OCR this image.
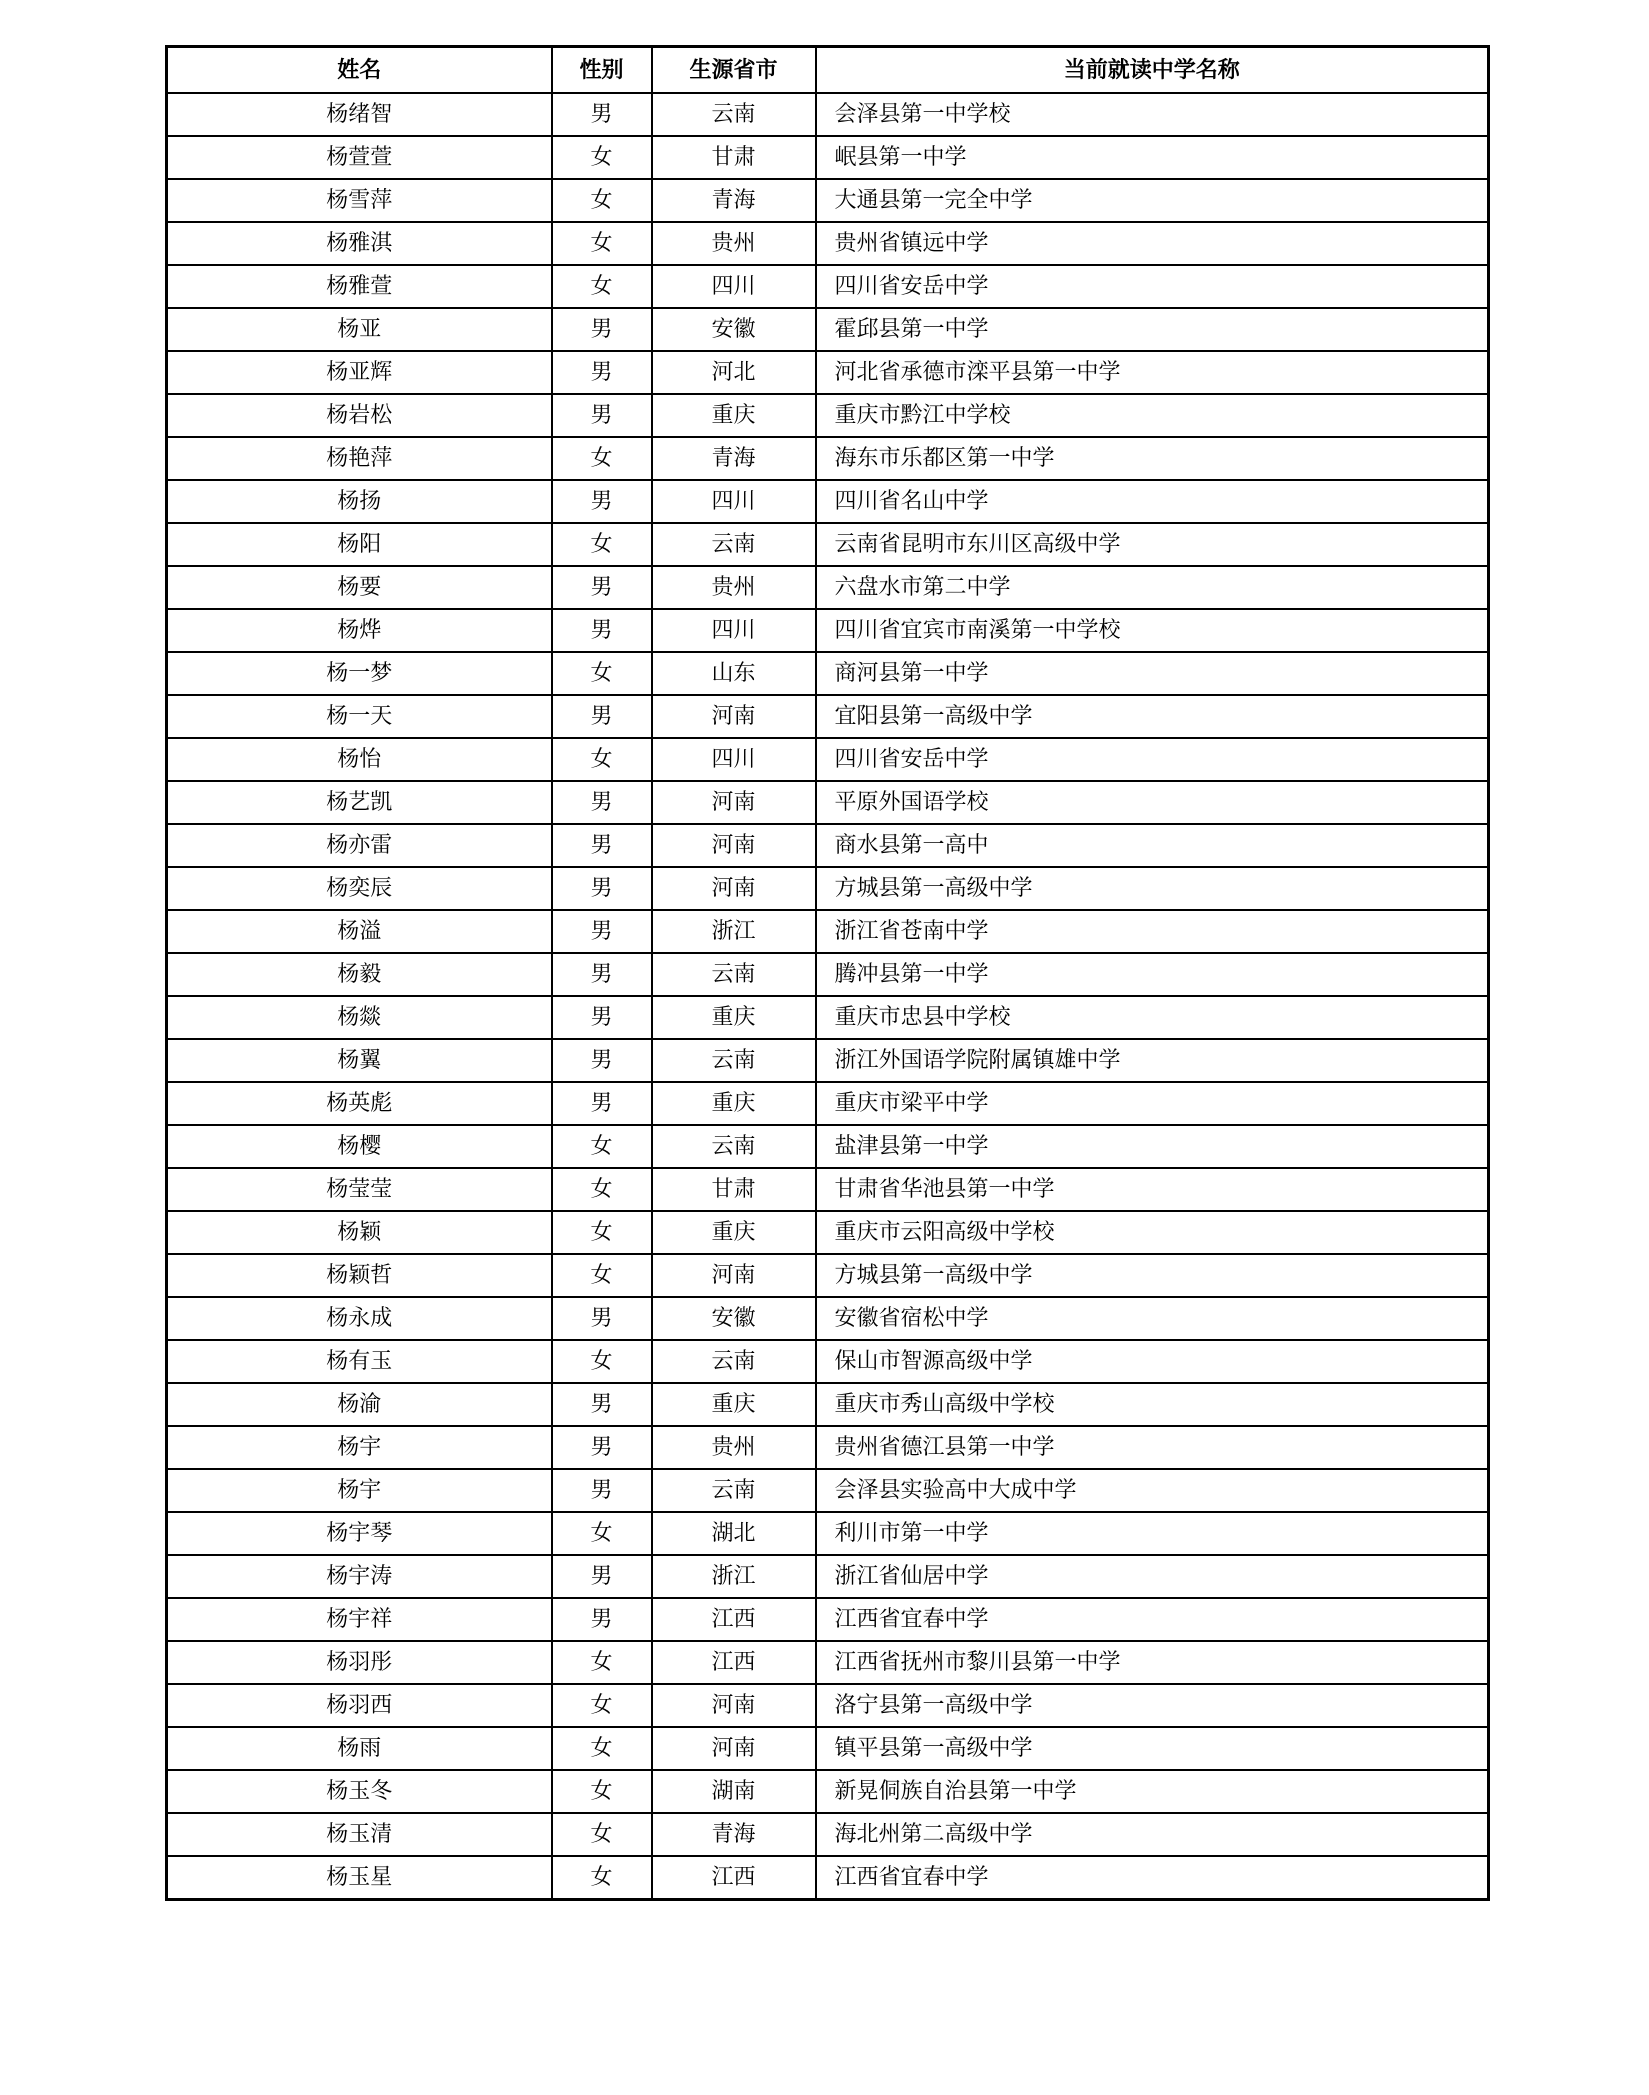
姓名	性别	生源省市	当前就读中学名称
杨绪智	男	云南	会泽县第一中学校
杨萱萱	女	甘肃	岷县第一中学
杨雪萍	女	青海	大通县第一完全中学
杨雅淇	女	贵州	贵州省镇远中学
杨雅萱	女	四川	四川省安岳中学
杨亚	男	安徽	霍邱县第一中学
杨亚辉	男	河北	河北省承德市滦平县第一中学
杨岩松	男	重庆	重庆市黔江中学校
杨艳萍	女	青海	海东市乐都区第一中学
杨扬	男	四川	四川省名山中学
杨阳	女	云南	云南省昆明市东川区高级中学
杨要	男	贵州	六盘水市第二中学
杨烨	男	四川	四川省宜宾市南溪第一中学校
杨一梦	女	山东	商河县第一中学
杨一天	男	河南	宜阳县第一高级中学
杨怡	女	四川	四川省安岳中学
杨艺凯	男	河南	平原外国语学校
杨亦雷	男	河南	商水县第一高中
杨奕辰	男	河南	方城县第一高级中学
杨溢	男	浙江	浙江省苍南中学
杨毅	男	云南	腾冲县第一中学
杨燚	男	重庆	重庆市忠县中学校
杨翼	男	云南	浙江外国语学院附属镇雄中学
杨英彪	男	重庆	重庆市梁平中学
杨樱	女	云南	盐津县第一中学
杨莹莹	女	甘肃	甘肃省华池县第一中学
杨颖	女	重庆	重庆市云阳高级中学校
杨颖哲	女	河南	方城县第一高级中学
杨永成	男	安徽	安徽省宿松中学
杨有玉	女	云南	保山市智源高级中学
杨渝	男	重庆	重庆市秀山高级中学校
杨宇	男	贵州	贵州省德江县第一中学
杨宇	男	云南	会泽县实验高中大成中学
杨宇琴	女	湖北	利川市第一中学
杨宇涛	男	浙江	浙江省仙居中学
杨宇祥	男	江西	江西省宜春中学
杨羽彤	女	江西	江西省抚州市黎川县第一中学
杨羽西	女	河南	洛宁县第一高级中学
杨雨	女	河南	镇平县第一高级中学
杨玉冬	女	湖南	新晃侗族自治县第一中学
杨玉清	女	青海	海北州第二高级中学
杨玉星	女	江西	江西省宜春中学
